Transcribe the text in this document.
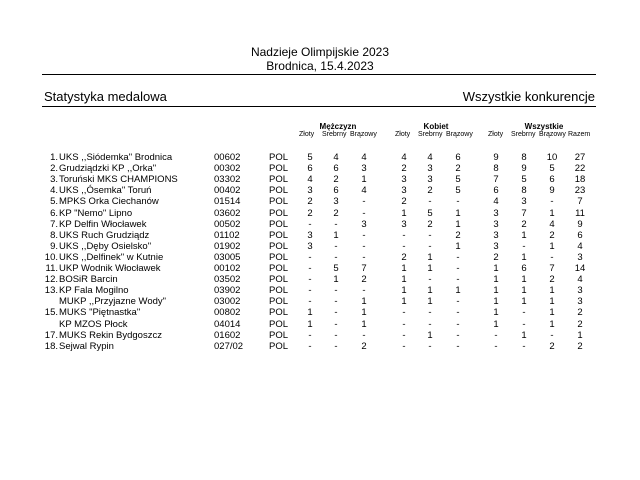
Nadzieje Olimpijskie 2023
Brodnica, 15.4.2023
Statystyka medalowa	Wszystkie konkurencje
Mężczyzn	Kobiet	Wszystkie
Złoty Srebrny Brązowy	Złoty Srebrny Brązowy Złoty Srebrny Brązowy Razem
1. UKS ,,Siódemka" Brodnica	00602	POL	5	4	4	4	4	6	9	8	10	27
2. Grudziądzki KP ,,Orka"	00302	POL	6	6	3	2	3	2	8	9	5	22
3. Toruński MKS CHAMPIONS	03302	POL	4	2	1	3	3	5	7	5	6	18
4. UKS ,,Ósemka" Toruń	00402	POL	3	6	4	3	2	5	6	8	9	23
5. MPKS Orka Ciechanów	01514	POL	2	3	-	2	-	-	4	3	-	7
6. KP "Nemo" Lipno	03602	POL	2	2	-	1	5	1	3	7	1	11
7. KP Delfin Włocławek	00502	POL	-	-	3	3	2	1	3	2	4	9
8. UKS Ruch Grudziądz	01102	POL	3	1	-	-	-	2	3	1	2	6
9. UKS ,,Dęby Osielsko"	01902	POL	3	-	-	-	-	1	3	-	1	4
10. UKS ,,Delfinek" w Kutnie	03005	POL	-	-	-	2	1	-	2	1	-	3
11. UKP Wodnik Włocławek	00102	POL	-	5	7	1	1	-	1	6	7	14
12. BOSiR Barcin	03502	POL	-	1	2	1	-	-	1	1	2	4
13. KP Fala Mogilno	03902	POL	-	-	-	1	1	1	1	1	1	3
MUKP ,,Przyjazne Wody"	03002	POL	-	-	1	1	1	-	1	1	1	3
15. MUKS "Piętnastka"	00802	POL	1	-	1	-	-	-	1	-	1	2
KP MZOS Płock	04014	POL	1	-	1	-	-	-	1	-	1	2
17. MUKS Rekin Bydgoszcz	01602	POL	-	-	-	-	1	-	-	1	-	1
18. Sejwal Rypin	027/02	POL	-	-	2	-	-	-	-	-	2	2
